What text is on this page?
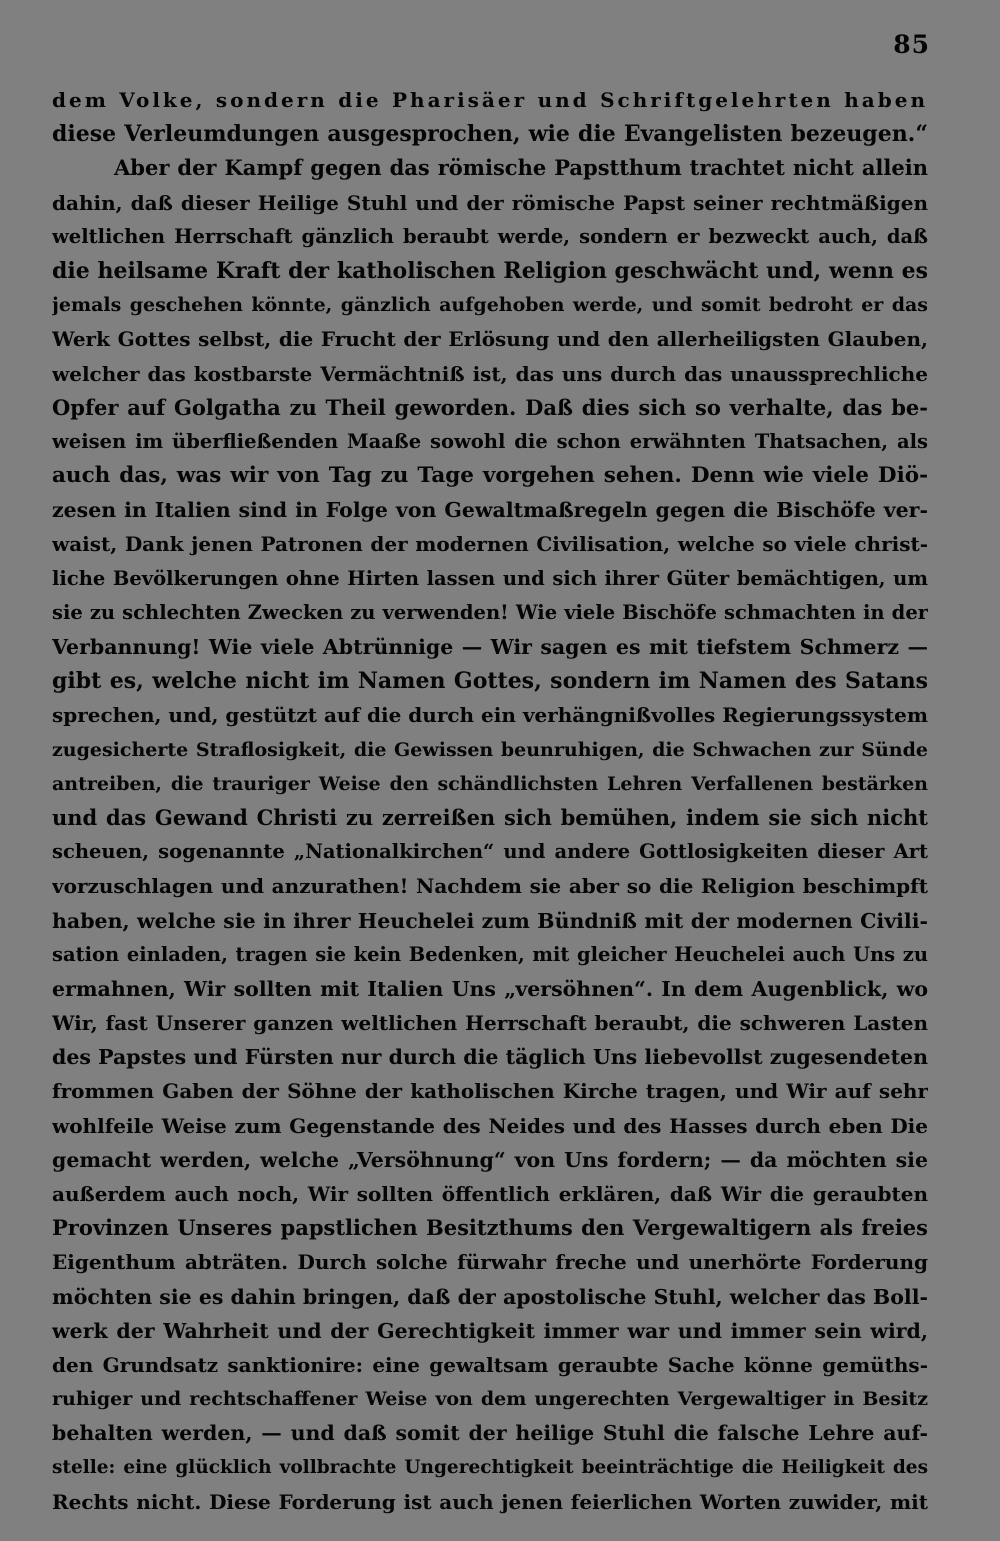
85
dem Volke, sondern die Pharisäer und Schriftgelehrten haben
diese Verleumdungen ausgesprochen, wie die Evangelisten bezeugen.“
Aber der Kampf gegen das römische Papstthum trachtet nicht allein
dahin, daß dieser Heilige Stuhl und der römische Papst seiner rechtmäßigen
weltlichen Herrschaft gänzlich beraubt werde, sondern er bezweckt auch, daß
die heilsame Kraft der katholischen Religion geschwächt und, wenn es
jemals geschehen könnte, gänzlich aufgehoben werde, und somit bedroht er das
Werk Gottes selbst, die Frucht der Erlösung und den allerheiligsten Glauben,
welcher das kostbarste Vermächtniß ist, das uns durch das unaussprechliche
Opfer auf Golgatha zu Theil geworden. Daß dies sich so verhalte, das be-
weisen im überfließenden Maaße sowohl die schon erwähnten Thatsachen, als
auch das, was wir von Tag zu Tage vorgehen sehen. Denn wie viele Diö-
zesen in Italien sind in Folge von Gewaltmaßregeln gegen die Bischöfe ver-
waist, Dank jenen Patronen der modernen Civilisation, welche so viele christ-
liche Bevölkerungen ohne Hirten lassen und sich ihrer Güter bemächtigen, um
sie zu schlechten Zwecken zu verwenden! Wie viele Bischöfe schmachten in der
Verbannung! Wie viele Abtrünnige — Wir sagen es mit tiefstem Schmerz —
gibt es, welche nicht im Namen Gottes, sondern im Namen des Satans
sprechen, und, gestützt auf die durch ein verhängnißvolles Regierungssystem
zugesicherte Straflosigkeit, die Gewissen beunruhigen, die Schwachen zur Sünde
antreiben, die trauriger Weise den schändlichsten Lehren Verfallenen bestärken
und das Gewand Christi zu zerreißen sich bemühen, indem sie sich nicht
scheuen, sogenannte „Nationalkirchen“ und andere Gottlosigkeiten dieser Art
vorzuschlagen und anzurathen! Nachdem sie aber so die Religion beschimpft
haben, welche sie in ihrer Heuchelei zum Bündniß mit der modernen Civili-
sation einladen, tragen sie kein Bedenken, mit gleicher Heuchelei auch Uns zu
ermahnen, Wir sollten mit Italien Uns „versöhnen“. In dem Augenblick, wo
Wir, fast Unserer ganzen weltlichen Herrschaft beraubt, die schweren Lasten
des Papstes und Fürsten nur durch die täglich Uns liebevollst zugesendeten
frommen Gaben der Söhne der katholischen Kirche tragen, und Wir auf sehr
wohlfeile Weise zum Gegenstande des Neides und des Hasses durch eben Die
gemacht werden, welche „Versöhnung“ von Uns fordern; — da möchten sie
außerdem auch noch, Wir sollten öffentlich erklären, daß Wir die geraubten
Provinzen Unseres papstlichen Besitzthums den Vergewaltigern als freies
Eigenthum abträten. Durch solche fürwahr freche und unerhörte Forderung
möchten sie es dahin bringen, daß der apostolische Stuhl, welcher das Boll-
werk der Wahrheit und der Gerechtigkeit immer war und immer sein wird,
den Grundsatz sanktionire: eine gewaltsam geraubte Sache könne gemüths-
ruhiger und rechtschaffener Weise von dem ungerechten Vergewaltiger in Besitz
behalten werden, — und daß somit der heilige Stuhl die falsche Lehre auf-
stelle: eine glücklich vollbrachte Ungerechtigkeit beeinträchtige die Heiligkeit des
Rechts nicht. Diese Forderung ist auch jenen feierlichen Worten zuwider, mit
